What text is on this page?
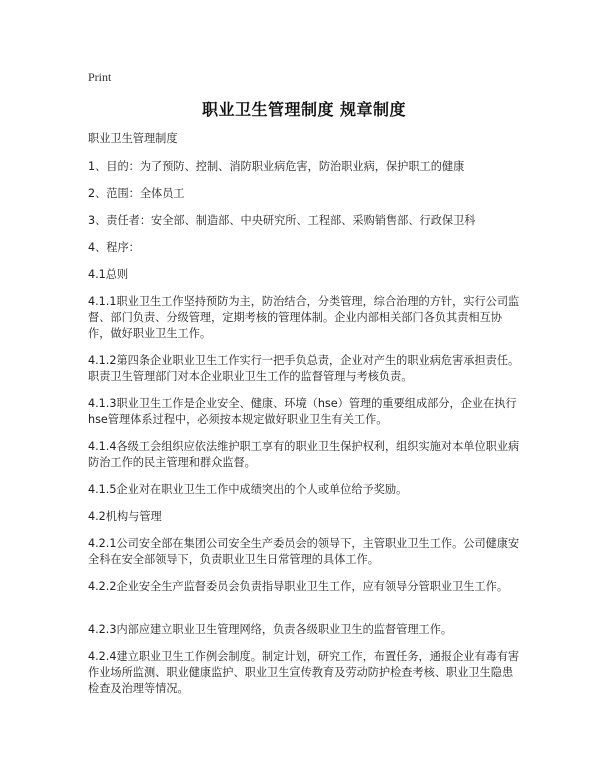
Print
职业卫生管理制度 规章制度

职业卫生管理制度

1、目的：为了预防、控制、消防职业病危害，防治职业病，保护职工的健康

2、范围：全体员工

3、责任者：安全部、制造部、中央研究所、工程部、采购销售部、行政保卫科

4、程序：

4.1总则

4.1.1职业卫生工作坚持预防为主，防治结合，分类管理，综合治理的方针，实行公司监督、部门负责、分级管理，定期考核的管理体制。企业内部相关部门各负其责相互协作，做好职业卫生工作。

4.1.2第四条企业职业卫生工作实行一把手负总责，企业对产生的职业病危害承担责任。职责卫生管理部门对本企业职业卫生工作的监督管理与考核负责。

4.1.3职业卫生工作是企业安全、健康、环境（hse）管理的重要组成部分，企业在执行hse管理体系过程中，必须按本规定做好职业卫生有关工作。

4.1.4各级工会组织应依法维护职工享有的职业卫生保护权利，组织实施对本单位职业病防治工作的民主管理和群众监督。

4.1.5企业对在职业卫生工作中成绩突出的个人或单位给予奖励。

4.2机构与管理

4.2.1公司安全部在集团公司安全生产委员会的领导下，主管职业卫生工作。公司健康安全科在安全部领导下，负责职业卫生日常管理的具体工作。

4.2.2企业安全生产监督委员会负责指导职业卫生工作，应有领导分管职业卫生工作。

4.2.3内部应建立职业卫生管理网络，负责各级职业卫生的监督管理工作。

4.2.4建立职业卫生工作例会制度。制定计划，研究工作，布置任务，通报企业有毒有害作业场所监测、职业健康监护、职业卫生宣传教育及劳动防护检查考核、职业卫生隐患检查及治理等情况。
